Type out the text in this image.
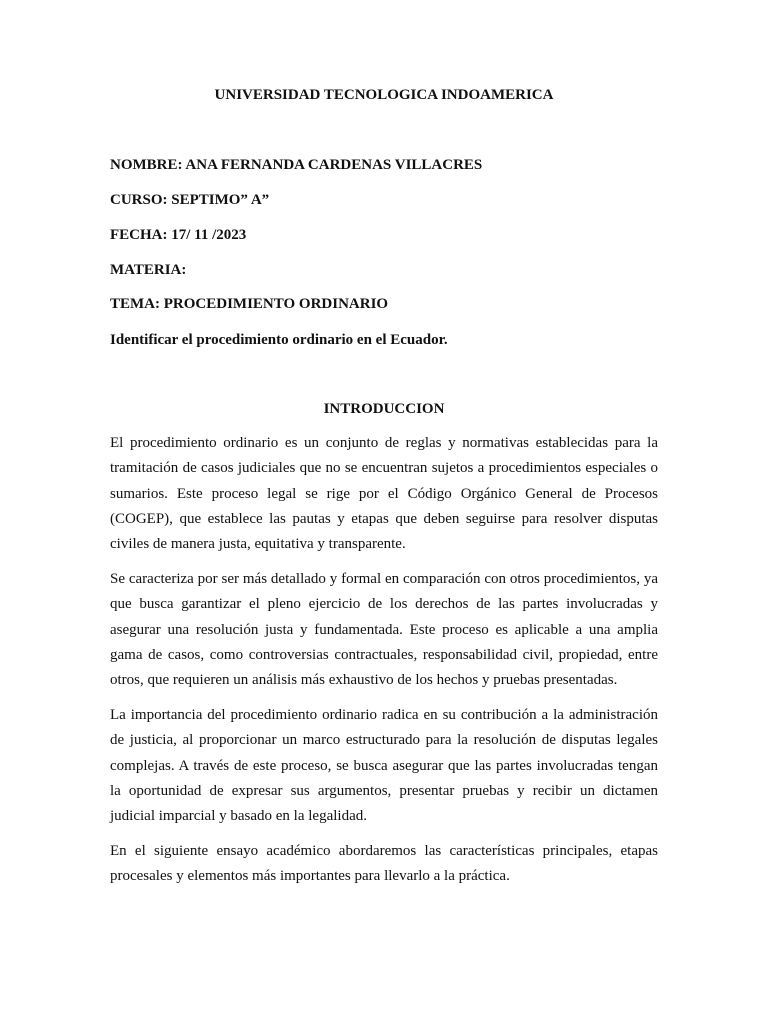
UNIVERSIDAD TECNOLOGICA INDOAMERICA

NOMBRE: ANA FERNANDA CARDENAS VILLACRES

CURSO: SEPTIMO” A”

FECHA: 17/ 11 /2023

MATERIA:

TEMA: PROCEDIMIENTO ORDINARIO

Identificar el procedimiento ordinario en el Ecuador.

INTRODUCCION

El procedimiento ordinario es un conjunto de reglas y normativas establecidas para la tramitación de casos judiciales que no se encuentran sujetos a procedimientos especiales o sumarios. Este proceso legal se rige por el Código Orgánico General de Procesos (COGEP), que establece las pautas y etapas que deben seguirse para resolver disputas civiles de manera justa, equitativa y transparente.

Se caracteriza por ser más detallado y formal en comparación con otros procedimientos, ya que busca garantizar el pleno ejercicio de los derechos de las partes involucradas y asegurar una resolución justa y fundamentada. Este proceso es aplicable a una amplia gama de casos, como controversias contractuales, responsabilidad civil, propiedad, entre otros, que requieren un análisis más exhaustivo de los hechos y pruebas presentadas.

La importancia del procedimiento ordinario radica en su contribución a la administración de justicia, al proporcionar un marco estructurado para la resolución de disputas legales complejas. A través de este proceso, se busca asegurar que las partes involucradas tengan la oportunidad de expresar sus argumentos, presentar pruebas y recibir un dictamen judicial imparcial y basado en la legalidad.

En el siguiente ensayo académico abordaremos las características principales, etapas procesales y elementos más importantes para llevarlo a la práctica.
